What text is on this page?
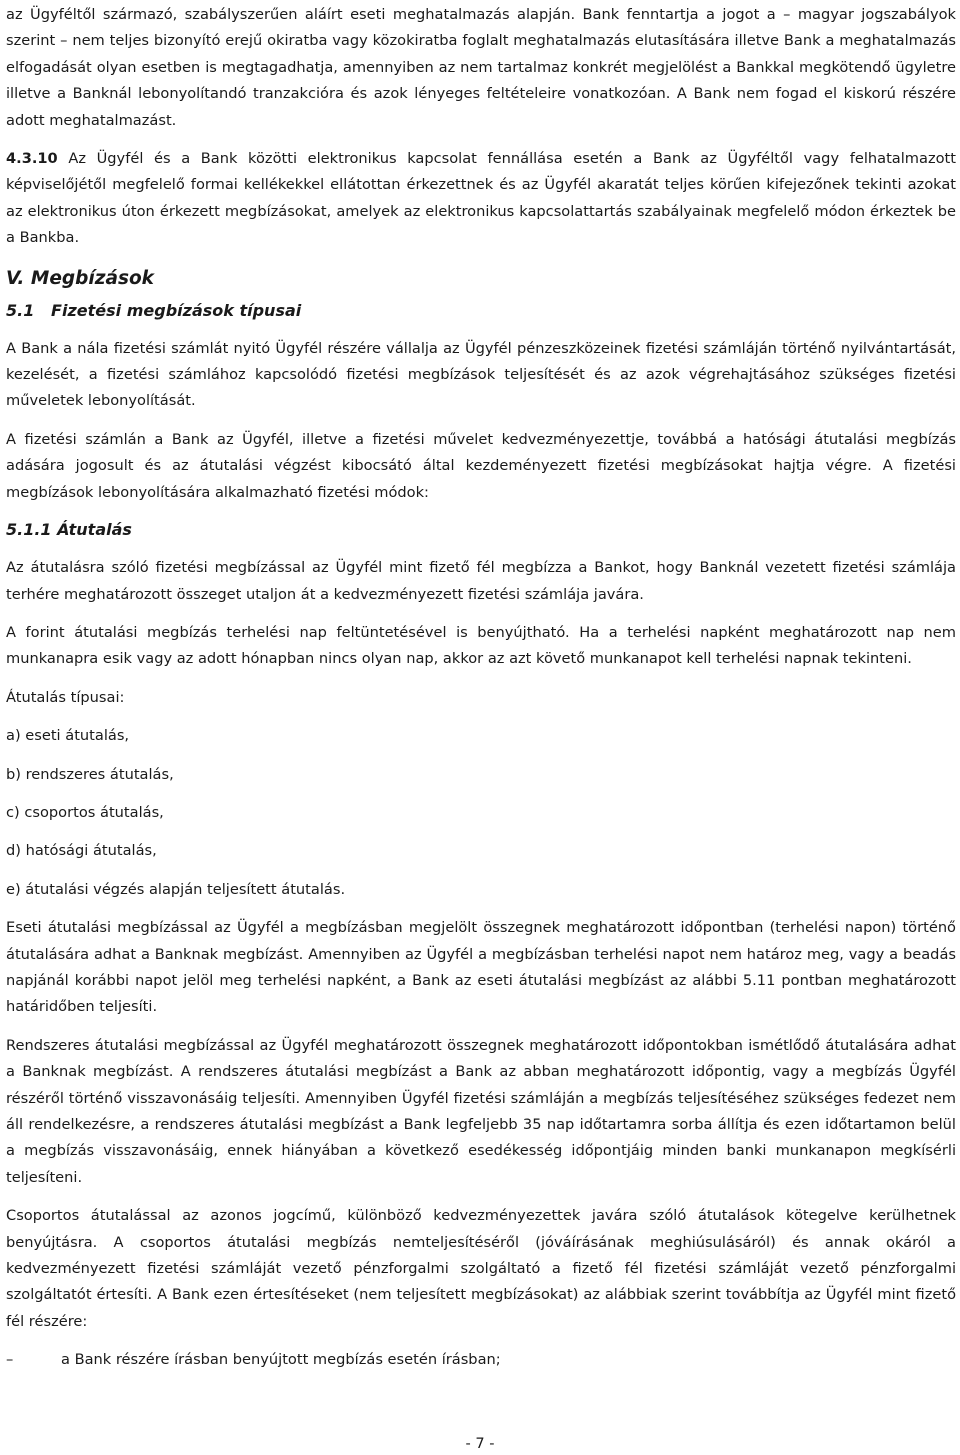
az Ügyféltől származó, szabályszerűen aláírt eseti meghatalmazás alapján. Bank fenntartja a jogot a – magyar jogszabályok szerint – nem teljes bizonyító erejű okiratba vagy közokiratba foglalt meghatalmazás elutasítására illetve Bank a meghatalmazás elfogadását olyan esetben is megtagadhatja, amennyiben az nem tartalmaz konkrét megjelölést a Bankkal megkötendő ügyletre illetve a Banknál lebonyolítandó tranzakcióra és azok lényeges feltételeire vonatkozóan. A Bank nem fogad el kiskorú részére adott meghatalmazást.

4.3.10 Az Ügyfél és a Bank közötti elektronikus kapcsolat fennállása esetén a Bank az Ügyféltől vagy felhatalmazott képviselőjétől megfelelő formai kellékekkel ellátottan érkezettnek és az Ügyfél akaratát teljes körűen kifejezőnek tekinti azokat az elektronikus úton érkezett megbízásokat, amelyek az elektronikus kapcsolattartás szabályainak megfelelő módon érkeztek be a Bankba.

V. Megbízások
5.1   Fizetési megbízások típusai

A Bank a nála fizetési számlát nyitó Ügyfél részére vállalja az Ügyfél pénzeszközeinek fizetési számláján történő nyilvántartását, kezelését, a fizetési számlához kapcsolódó fizetési megbízások teljesítését és az azok végrehajtásához szükséges fizetési műveletek lebonyolítását.

A fizetési számlán a Bank az Ügyfél, illetve a fizetési művelet kedvezményezettje, továbbá a hatósági átutalási megbízás adására jogosult és az átutalási végzést kibocsátó által kezdeményezett fizetési megbízásokat hajtja végre. A fizetési megbízások lebonyolítására alkalmazható fizetési módok:

5.1.1 Átutalás

Az átutalásra szóló fizetési megbízással az Ügyfél mint fizető fél megbízza a Bankot, hogy Banknál vezetett fizetési számlája terhére meghatározott összeget utaljon át a kedvezményezett fizetési számlája javára.

A forint átutalási megbízás terhelési nap feltüntetésével is benyújtható. Ha a terhelési napként meghatározott nap nem munkanapra esik vagy az adott hónapban nincs olyan nap, akkor az azt követő munkanapot kell terhelési napnak tekinteni.

Átutalás típusai:

a) eseti átutalás,

b) rendszeres átutalás,

c) csoportos átutalás,

d) hatósági átutalás,

e) átutalási végzés alapján teljesített átutalás.

Eseti átutalási megbízással az Ügyfél a megbízásban megjelölt összegnek meghatározott időpontban (terhelési napon) történő átutalására adhat a Banknak megbízást. Amennyiben az Ügyfél a megbízásban terhelési napot nem határoz meg, vagy a beadás napjánál korábbi napot jelöl meg terhelési napként, a Bank az eseti átutalási megbízást az alábbi 5.11 pontban meghatározott határidőben teljesíti.

Rendszeres átutalási megbízással az Ügyfél meghatározott összegnek meghatározott időpontokban ismétlődő átutalására adhat a Banknak megbízást. A rendszeres átutalási megbízást a Bank az abban meghatározott időpontig, vagy a megbízás Ügyfél részéről történő visszavonásáig teljesíti. Amennyiben Ügyfél fizetési számláján a megbízás teljesítéséhez szükséges fedezet nem áll rendelkezésre, a rendszeres átutalási megbízást a Bank legfeljebb 35 nap időtartamra sorba állítja és ezen időtartamon belül a megbízás visszavonásáig, ennek hiányában a következő esedékesség időpontjáig minden banki munkanapon megkísérli teljesíteni.

Csoportos átutalással az azonos jogcímű, különböző kedvezményezettek javára szóló átutalások kötegelve kerülhetnek benyújtásra. A csoportos átutalási megbízás nemteljesítéséről (jóváírásának meghiúsulásáról) és annak okáról a kedvezményezett fizetési számláját vezető pénzforgalmi szolgáltató a fizető fél fizetési számláját vezető pénzforgalmi szolgáltatót értesíti. A Bank ezen értesítéseket (nem teljesített megbízásokat) az alábbiak szerint továbbítja az Ügyfél mint fizető fél részére:

–	a Bank részére írásban benyújtott megbízás esetén írásban;
- 7 -
